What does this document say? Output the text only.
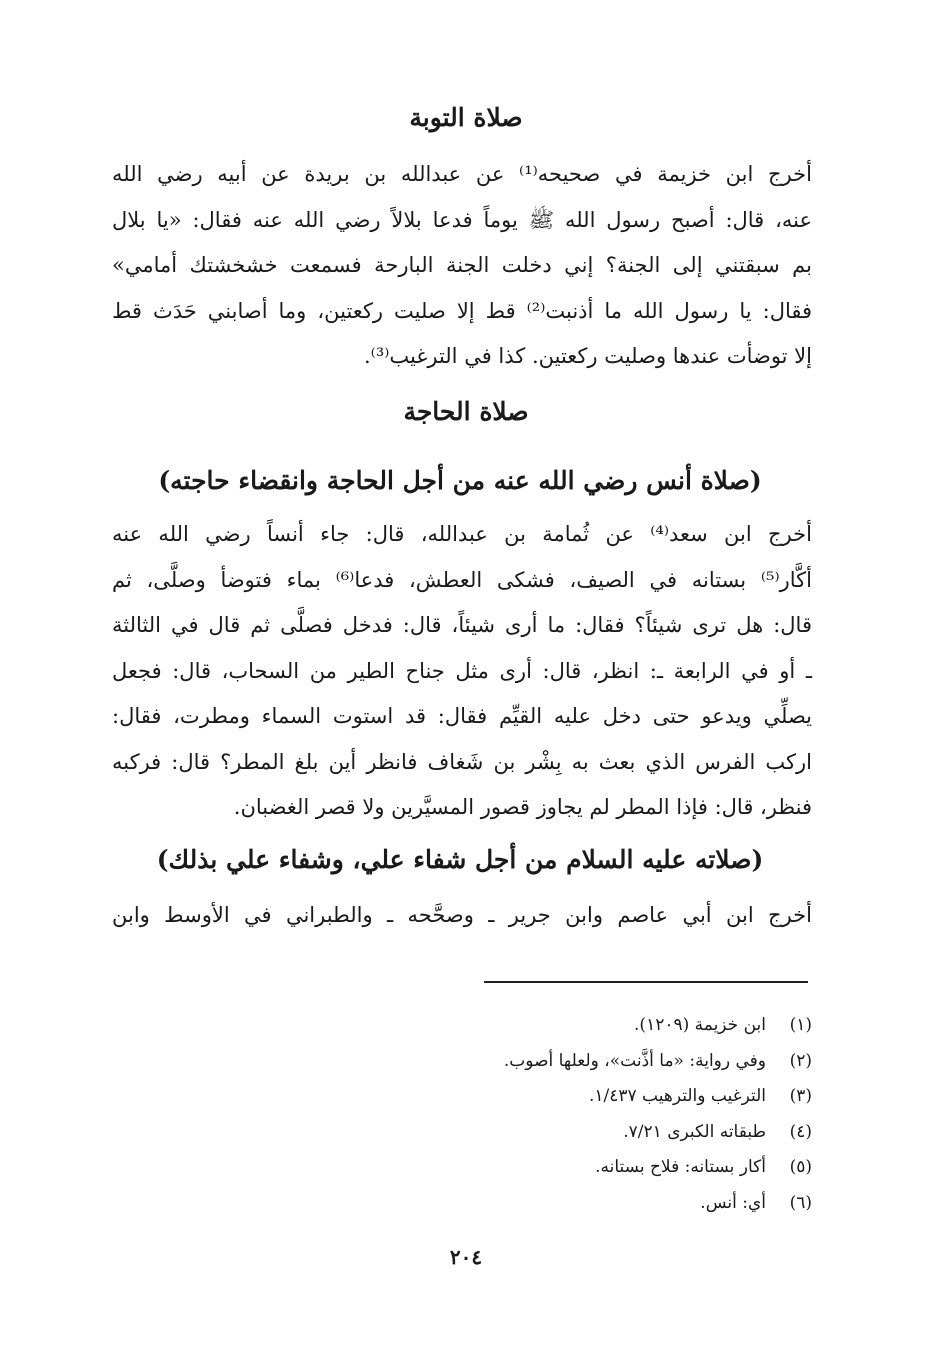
صلاة التوبة
أخرج ابن خزيمة في صحيحه⁽¹⁾ عن عبدالله بن بريدة عن أبيه رضي الله
عنه، قال: أصبح رسول الله ﷺ يوماً فدعا بلالاً رضي الله عنه فقال: «يا بلال
بم سبقتني إلى الجنة؟ إني دخلت الجنة البارحة فسمعت خشخشتك أمامي»
فقال: يا رسول الله ما أذنبت⁽²⁾ قط إلا صليت ركعتين، وما أصابني حَدَث قط
إلا توضأت عندها وصليت ركعتين. كذا في الترغيب⁽³⁾.
صلاة الحاجة
(صلاة أنس رضي الله عنه من أجل الحاجة وانقضاء حاجته)
أخرج ابن سعد⁽⁴⁾ عن ثُمامة بن عبدالله، قال: جاء أنساً رضي الله عنه
أكَّار⁽⁵⁾ بستانه في الصيف، فشكى العطش، فدعا⁽⁶⁾ بماء فتوضأ وصلَّى، ثم
قال: هل ترى شيئاً؟ فقال: ما أرى شيئاً، قال: فدخل فصلَّى ثم قال في الثالثة
ـ أو في الرابعة ـ: انظر، قال: أرى مثل جناح الطير من السحاب، قال: فجعل
يصلِّي ويدعو حتى دخل عليه القيِّم فقال: قد استوت السماء ومطرت، فقال:
اركب الفرس الذي بعث به بِشْر بن شَغاف فانظر أين بلغ المطر؟ قال: فركبه
فنظر، قال: فإذا المطر لم يجاوز قصور المسيَّرين ولا قصر الغضبان.
(صلاته عليه السلام من أجل شفاء علي، وشفاء علي بذلك)
أخرج ابن أبي عاصم وابن جرير ـ وصحَّحه ـ والطبراني في الأوسط وابن
(١)
ابن خزيمة (١٢٠٩).
(٢)
وفي رواية: «ما أذَّنت»، ولعلها أصوب.
(٣)
الترغيب والترهيب ١/٤٣٧.
(٤)
طبقاته الكبرى ٧/٢١.
(٥)
أكار بستانه: فلاح بستانه.
(٦)
أي: أنس.
٢٠٤
